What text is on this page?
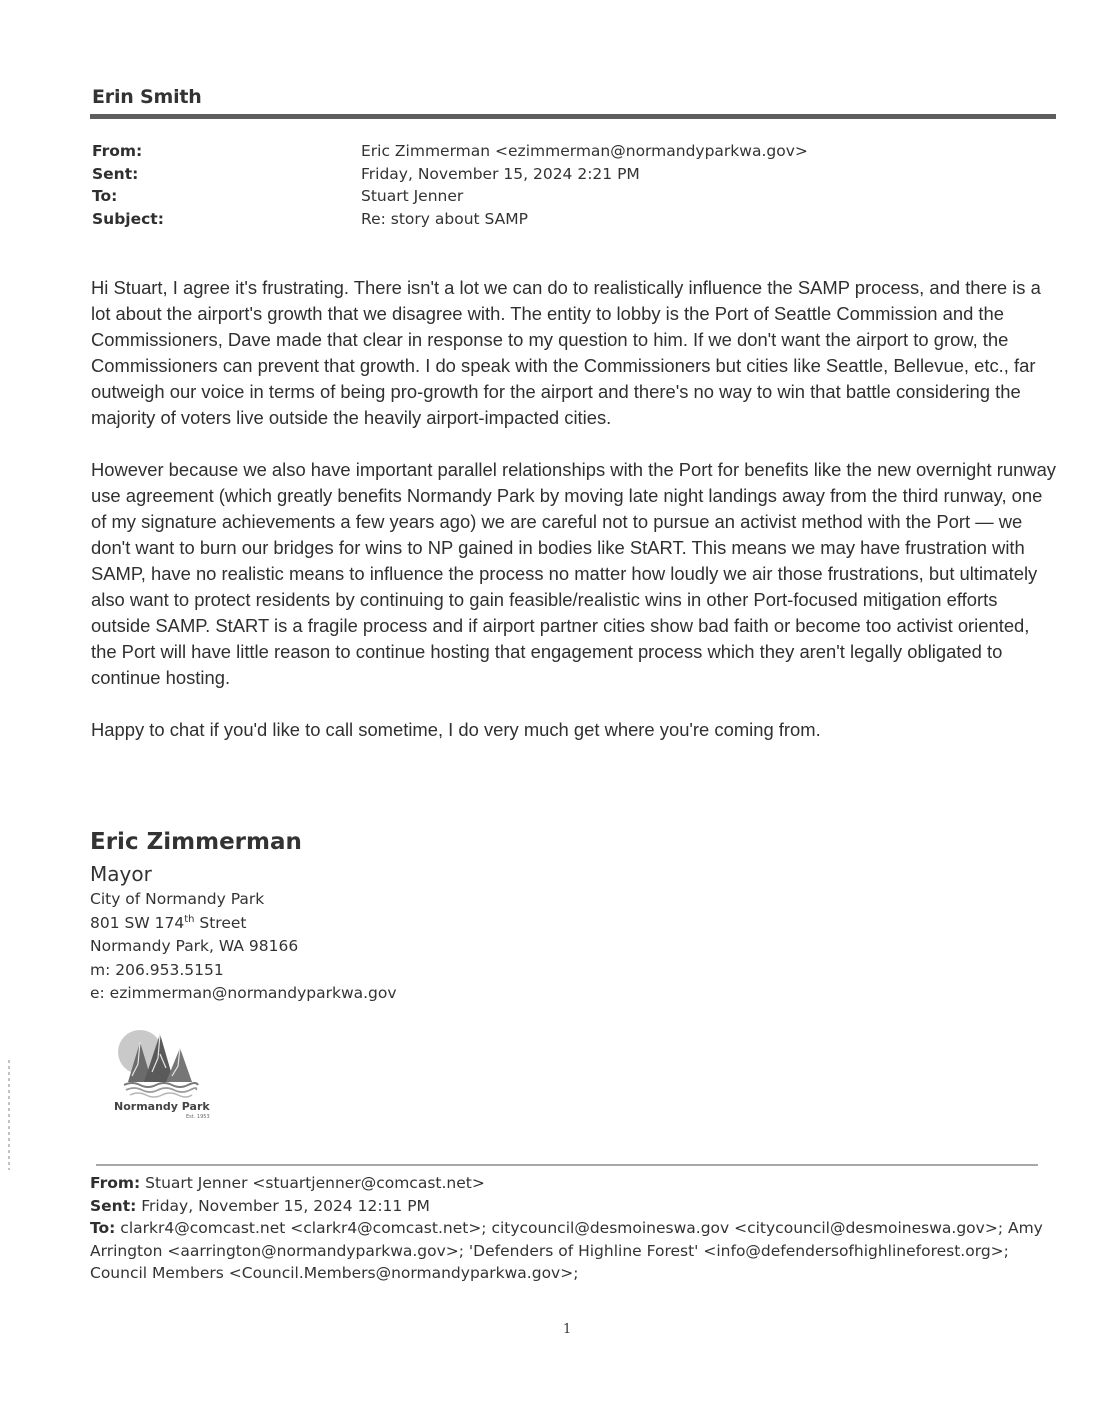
Erin Smith
From:	Eric Zimmerman <ezimmerman@normandyparkwa.gov>
Sent:	Friday, November 15, 2024 2:21 PM
To:	Stuart Jenner
Subject:	Re: story about SAMP

Hi Stuart, I agree it's frustrating. There isn't a lot we can do to realistically influence the SAMP process, and there is a lot about the airport's growth that we disagree with. The entity to lobby is the Port of Seattle Commission and the Commissioners, Dave made that clear in response to my question to him. If we don't want the airport to grow, the Commissioners can prevent that growth. I do speak with the Commissioners but cities like Seattle, Bellevue, etc., far outweigh our voice in terms of being pro-growth for the airport and there's no way to win that battle considering the majority of voters live outside the heavily airport-impacted cities.

However because we also have important parallel relationships with the Port for benefits like the new overnight runway use agreement (which greatly benefits Normandy Park by moving late night landings away from the third runway, one of my signature achievements a few years ago) we are careful not to pursue an activist method with the Port — we don't want to burn our bridges for wins to NP gained in bodies like StART. This means we may have frustration with SAMP, have no realistic means to influence the process no matter how loudly we air those frustrations, but ultimately also want to protect residents by continuing to gain feasible/realistic wins in other Port-focused mitigation efforts outside SAMP. StART is a fragile process and if airport partner cities show bad faith or become too activist oriented, the Port will have little reason to continue hosting that engagement process which they aren't legally obligated to continue hosting.

Happy to chat if you'd like to call sometime, I do very much get where you're coming from.

Eric Zimmerman
Mayor
City of Normandy Park
801 SW 174th Street
Normandy Park, WA 98166
m: 206.953.5151
e: ezimmerman@normandyparkwa.gov
Normandy Park
Est. 1953
From: Stuart Jenner <stuartjenner@comcast.net>
Sent: Friday, November 15, 2024 12:11 PM
To: clarkr4@comcast.net <clarkr4@comcast.net>; citycouncil@desmoineswa.gov <citycouncil@desmoineswa.gov>; Amy Arrington <aarrington@normandyparkwa.gov>; 'Defenders of Highline Forest' <info@defendersofhighlineforest.org>; Council Members <Council.Members@normandyparkwa.gov>;
1
